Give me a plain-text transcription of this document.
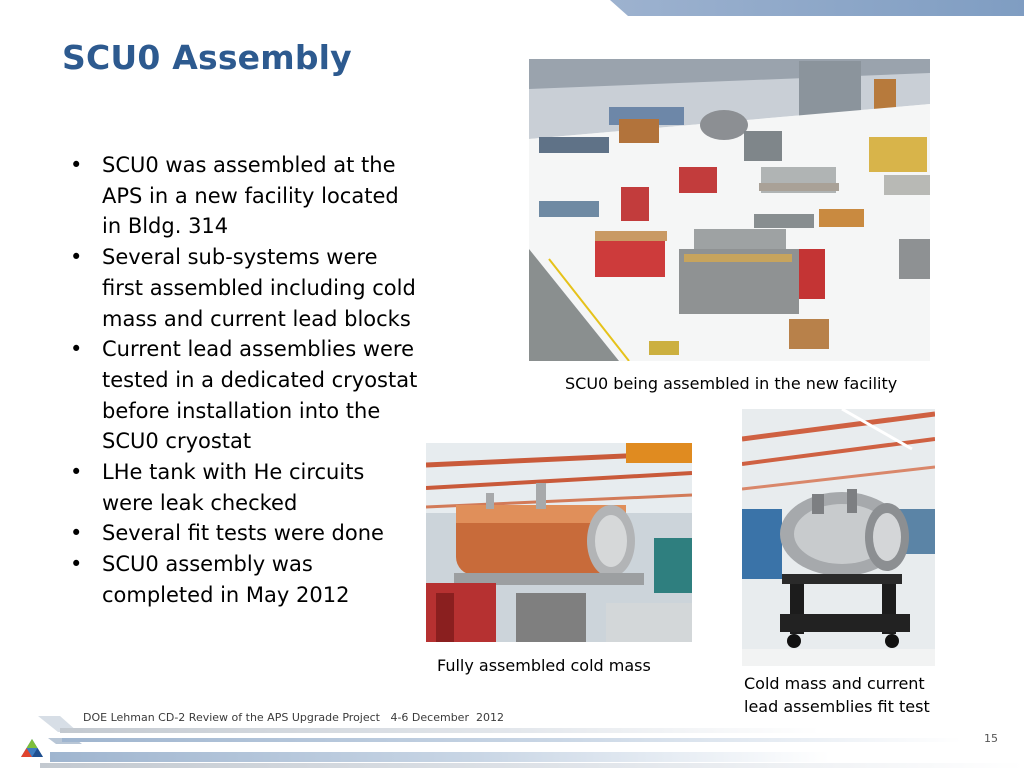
SCU0 Assembly
• SCU0 was assembled at the APS in a new facility located in Bldg. 314
• Several sub-systems were first assembled including cold mass and current lead blocks
• Current lead assemblies were tested in a dedicated cryostat before installation into the SCU0 cryostat
• LHe tank with He circuits were leak checked
• Several fit tests were done
• SCU0 assembly was completed in May 2012
SCU0 being assembled in the new facility
Fully assembled cold mass
Cold mass and current
lead assemblies fit test
DOE Lehman CD-2 Review of the APS Upgrade Project   4-6 December  2012
15
